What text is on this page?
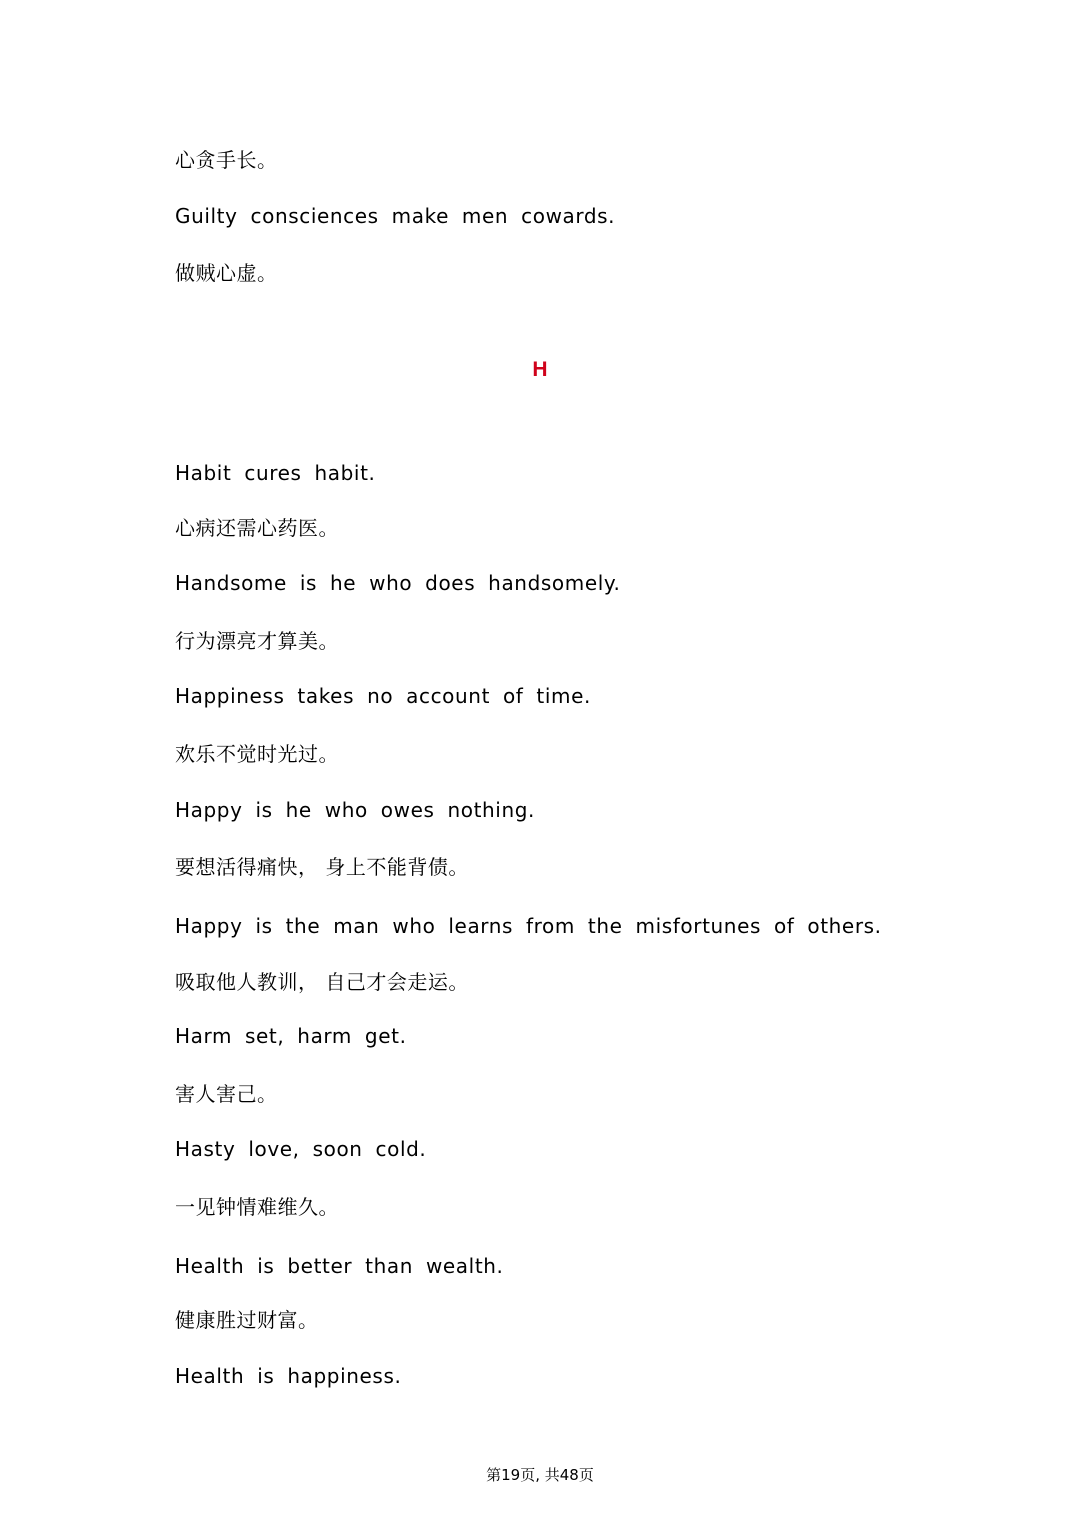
心贪手长。
Guilty consciences make men cowards.
做贼心虚。
H
Habit cures habit.
心病还需心药医。
Handsome is he who does handsomely.
行为漂亮才算美。
Happiness takes no account of time.
欢乐不觉时光过。
Happy is he who owes nothing.
要想活得痛快， 身上不能背债。
Happy is the man who learns from the misfortunes of others.
吸取他人教训， 自己才会走运。
Harm set, harm get.
害人害己。
Hasty love, soon cold.
一见钟情难维久。
Health is better than wealth.
健康胜过财富。
Health is happiness.
第19页, 共48页
